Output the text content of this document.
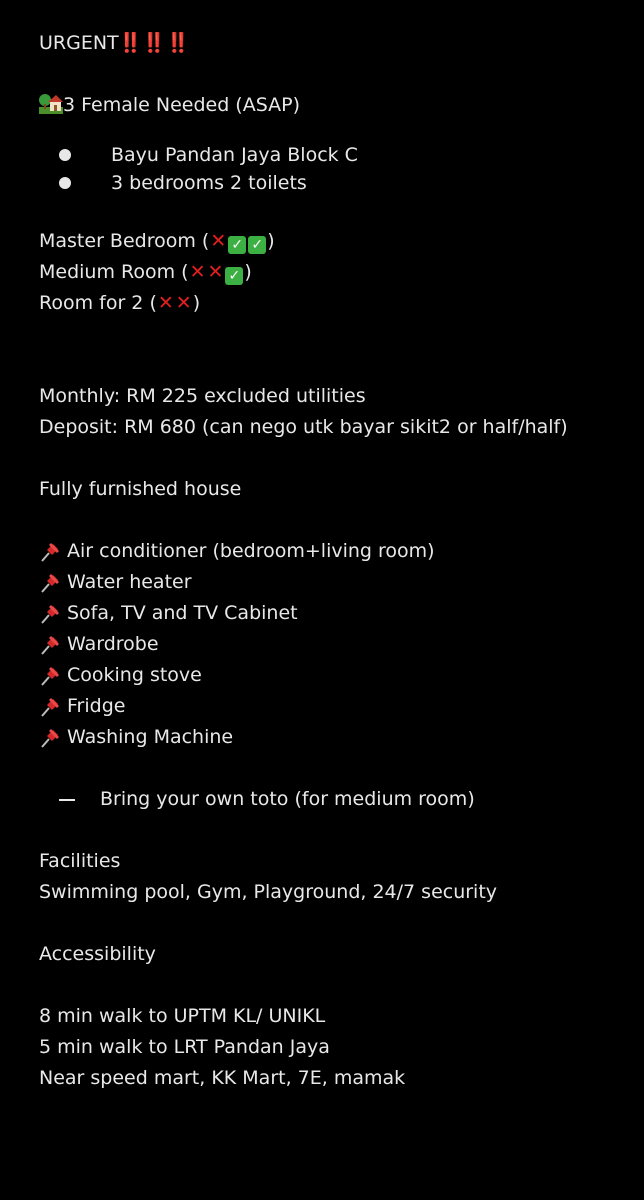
URGENT‼️‼️‼️
3 Female Needed (ASAP)
Bayu Pandan Jaya Block C
3 bedrooms 2 toilets
Master Bedroom (✕ ✓ ✓ )
Medium Room (✕ ✕ ✓ )
Room for 2 (✕ ✕)
Monthly: RM 225 excluded utilities
Deposit: RM 680 (can nego utk bayar sikit2 or half/half)
Fully furnished house
Air conditioner (bedroom+living room)
Water heater
Sofa, TV and TV Cabinet
Wardrobe
Cooking stove
Fridge
Washing Machine
Bring your own toto (for medium room)
Facilities
Swimming pool, Gym, Playground, 24/7 security
Accessibility
8 min walk to UPTM KL/ UNIKL
5 min walk to LRT Pandan Jaya
Near speed mart, KK Mart, 7E, mamak
